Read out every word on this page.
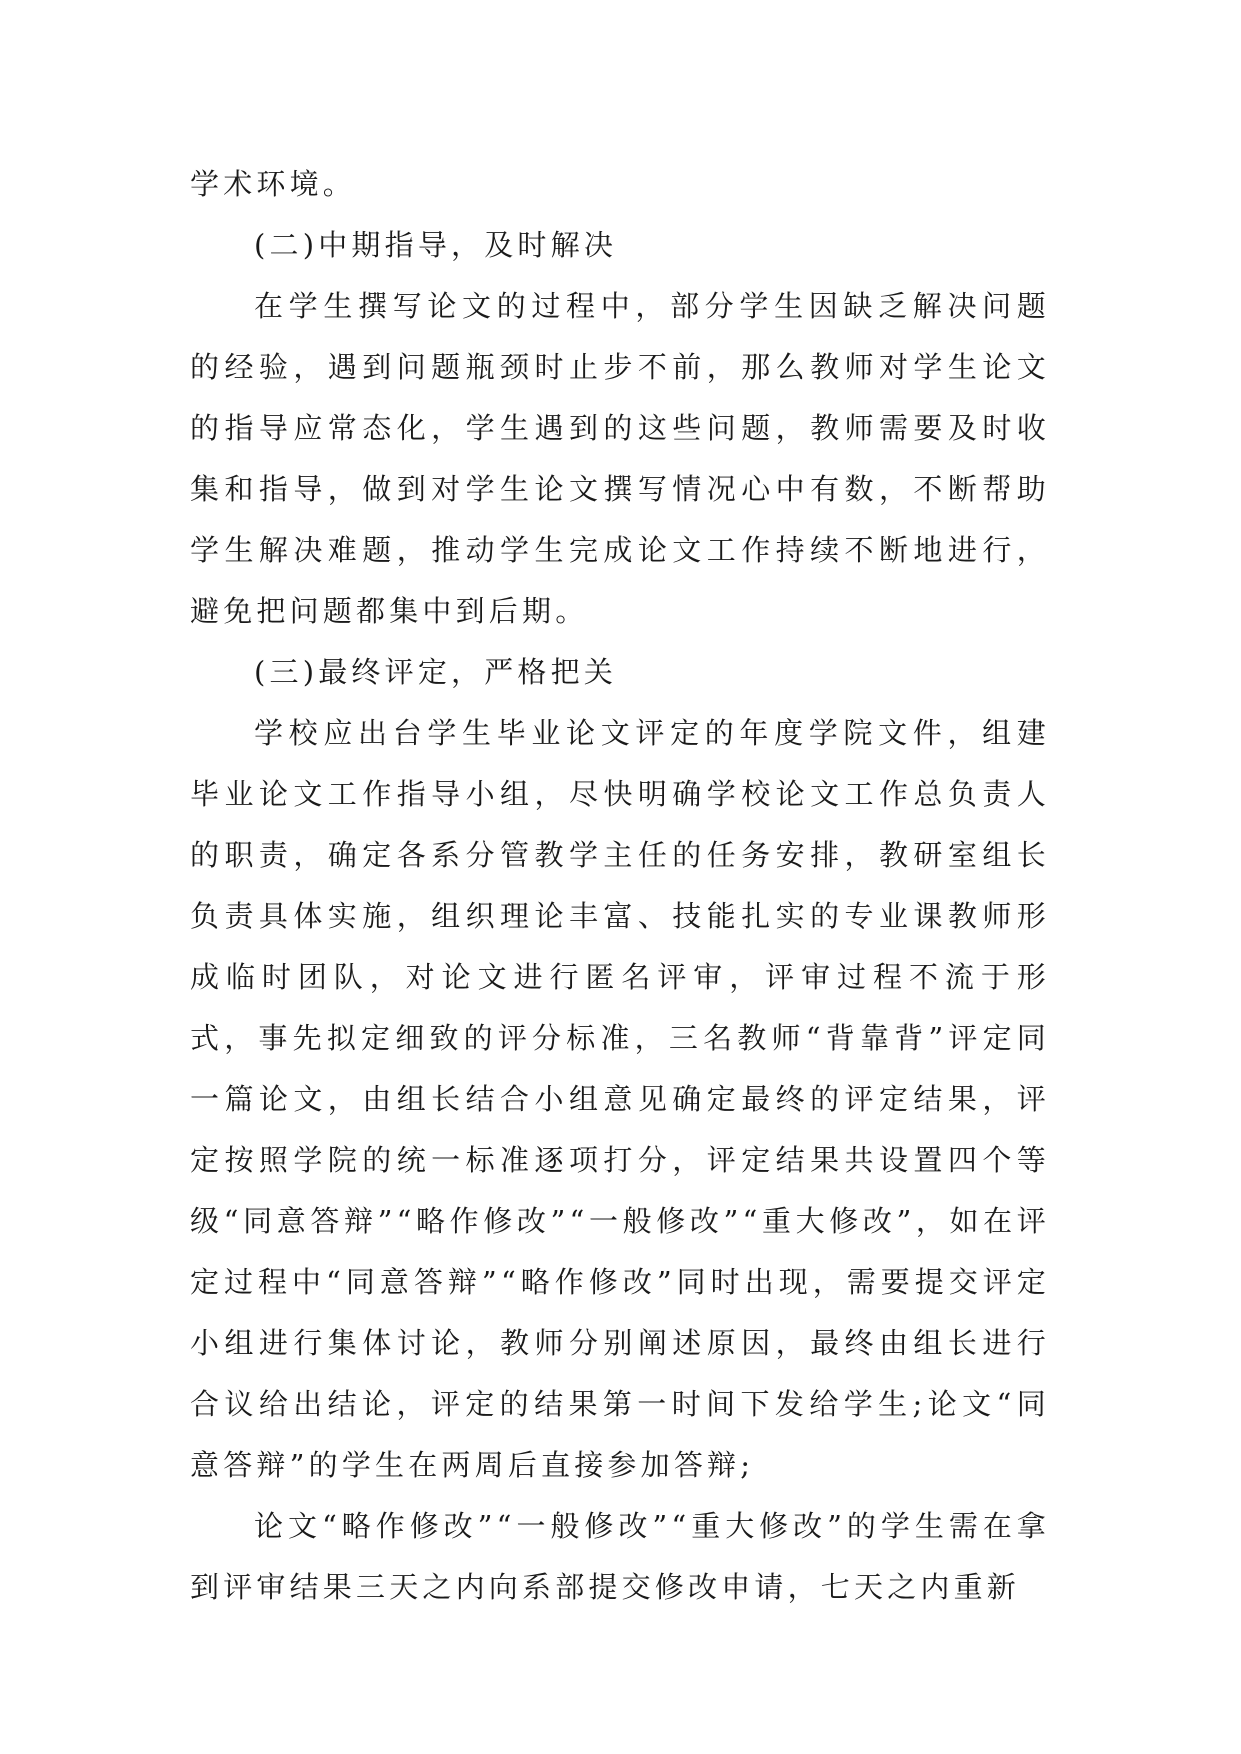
学术环境。

(二)中期指导，及时解决

在学生撰写论文的过程中，部分学生因缺乏解决问题的经验，遇到问题瓶颈时止步不前，那么教师对学生论文的指导应常态化，学生遇到的这些问题，教师需要及时收集和指导，做到对学生论文撰写情况心中有数，不断帮助学生解决难题，推动学生完成论文工作持续不断地进行，避免把问题都集中到后期。

(三)最终评定，严格把关

学校应出台学生毕业论文评定的年度学院文件，组建毕业论文工作指导小组，尽快明确学校论文工作总负责人的职责，确定各系分管教学主任的任务安排，教研室组长负责具体实施，组织理论丰富、技能扎实的专业课教师形成临时团队，对论文进行匿名评审，评审过程不流于形式，事先拟定细致的评分标准，三名教师“背靠背”评定同一篇论文，由组长结合小组意见确定最终的评定结果，评定按照学院的统一标准逐项打分，评定结果共设置四个等级“同意答辩”“略作修改”“一般修改”“重大修改”，如在评定过程中“同意答辩”“略作修改”同时出现，需要提交评定小组进行集体讨论，教师分别阐述原因，最终由组长进行合议给出结论，评定的结果第一时间下发给学生;论文“同意答辩”的学生在两周后直接参加答辩;

论文“略作修改”“一般修改”“重大修改”的学生需在拿到评审结果三天之内向系部提交修改申请，七天之内重新
